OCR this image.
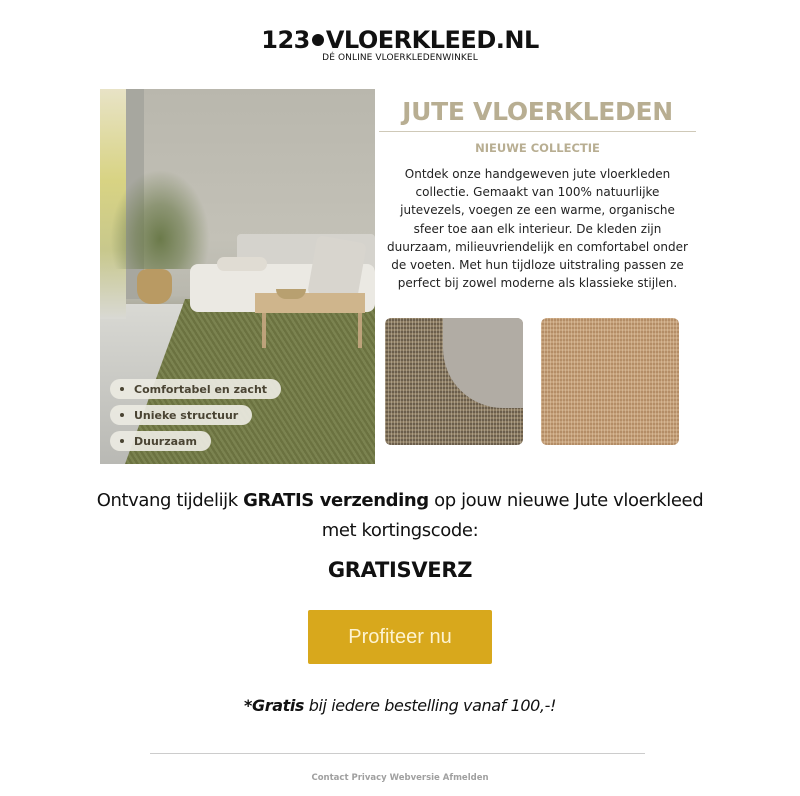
123 VLOERKLEED.NL
DÉ ONLINE VLOERKLEDENWINKEL
Comfortabel en zacht
Unieke structuur
Duurzaam
JUTE VLOERKLEDEN
NIEUWE COLLECTIE
Ontdek onze handgeweven jute vloerkleden collectie. Gemaakt van 100% natuurlijke jutevezels, voegen ze een warme, organische sfeer toe aan elk interieur. De kleden zijn duurzaam, milieuvriendelijk en comfortabel onder de voeten. Met hun tijdloze uitstraling passen ze perfect bij zowel moderne als klassieke stijlen.
Ontvang tijdelijk GRATIS verzending op jouw nieuwe Jute vloerkleed
met kortingscode:
GRATISVERZ
Profiteer nu
*Gratis bij iedere bestelling vanaf 100,-!
Contact Privacy Webversie Afmelden
